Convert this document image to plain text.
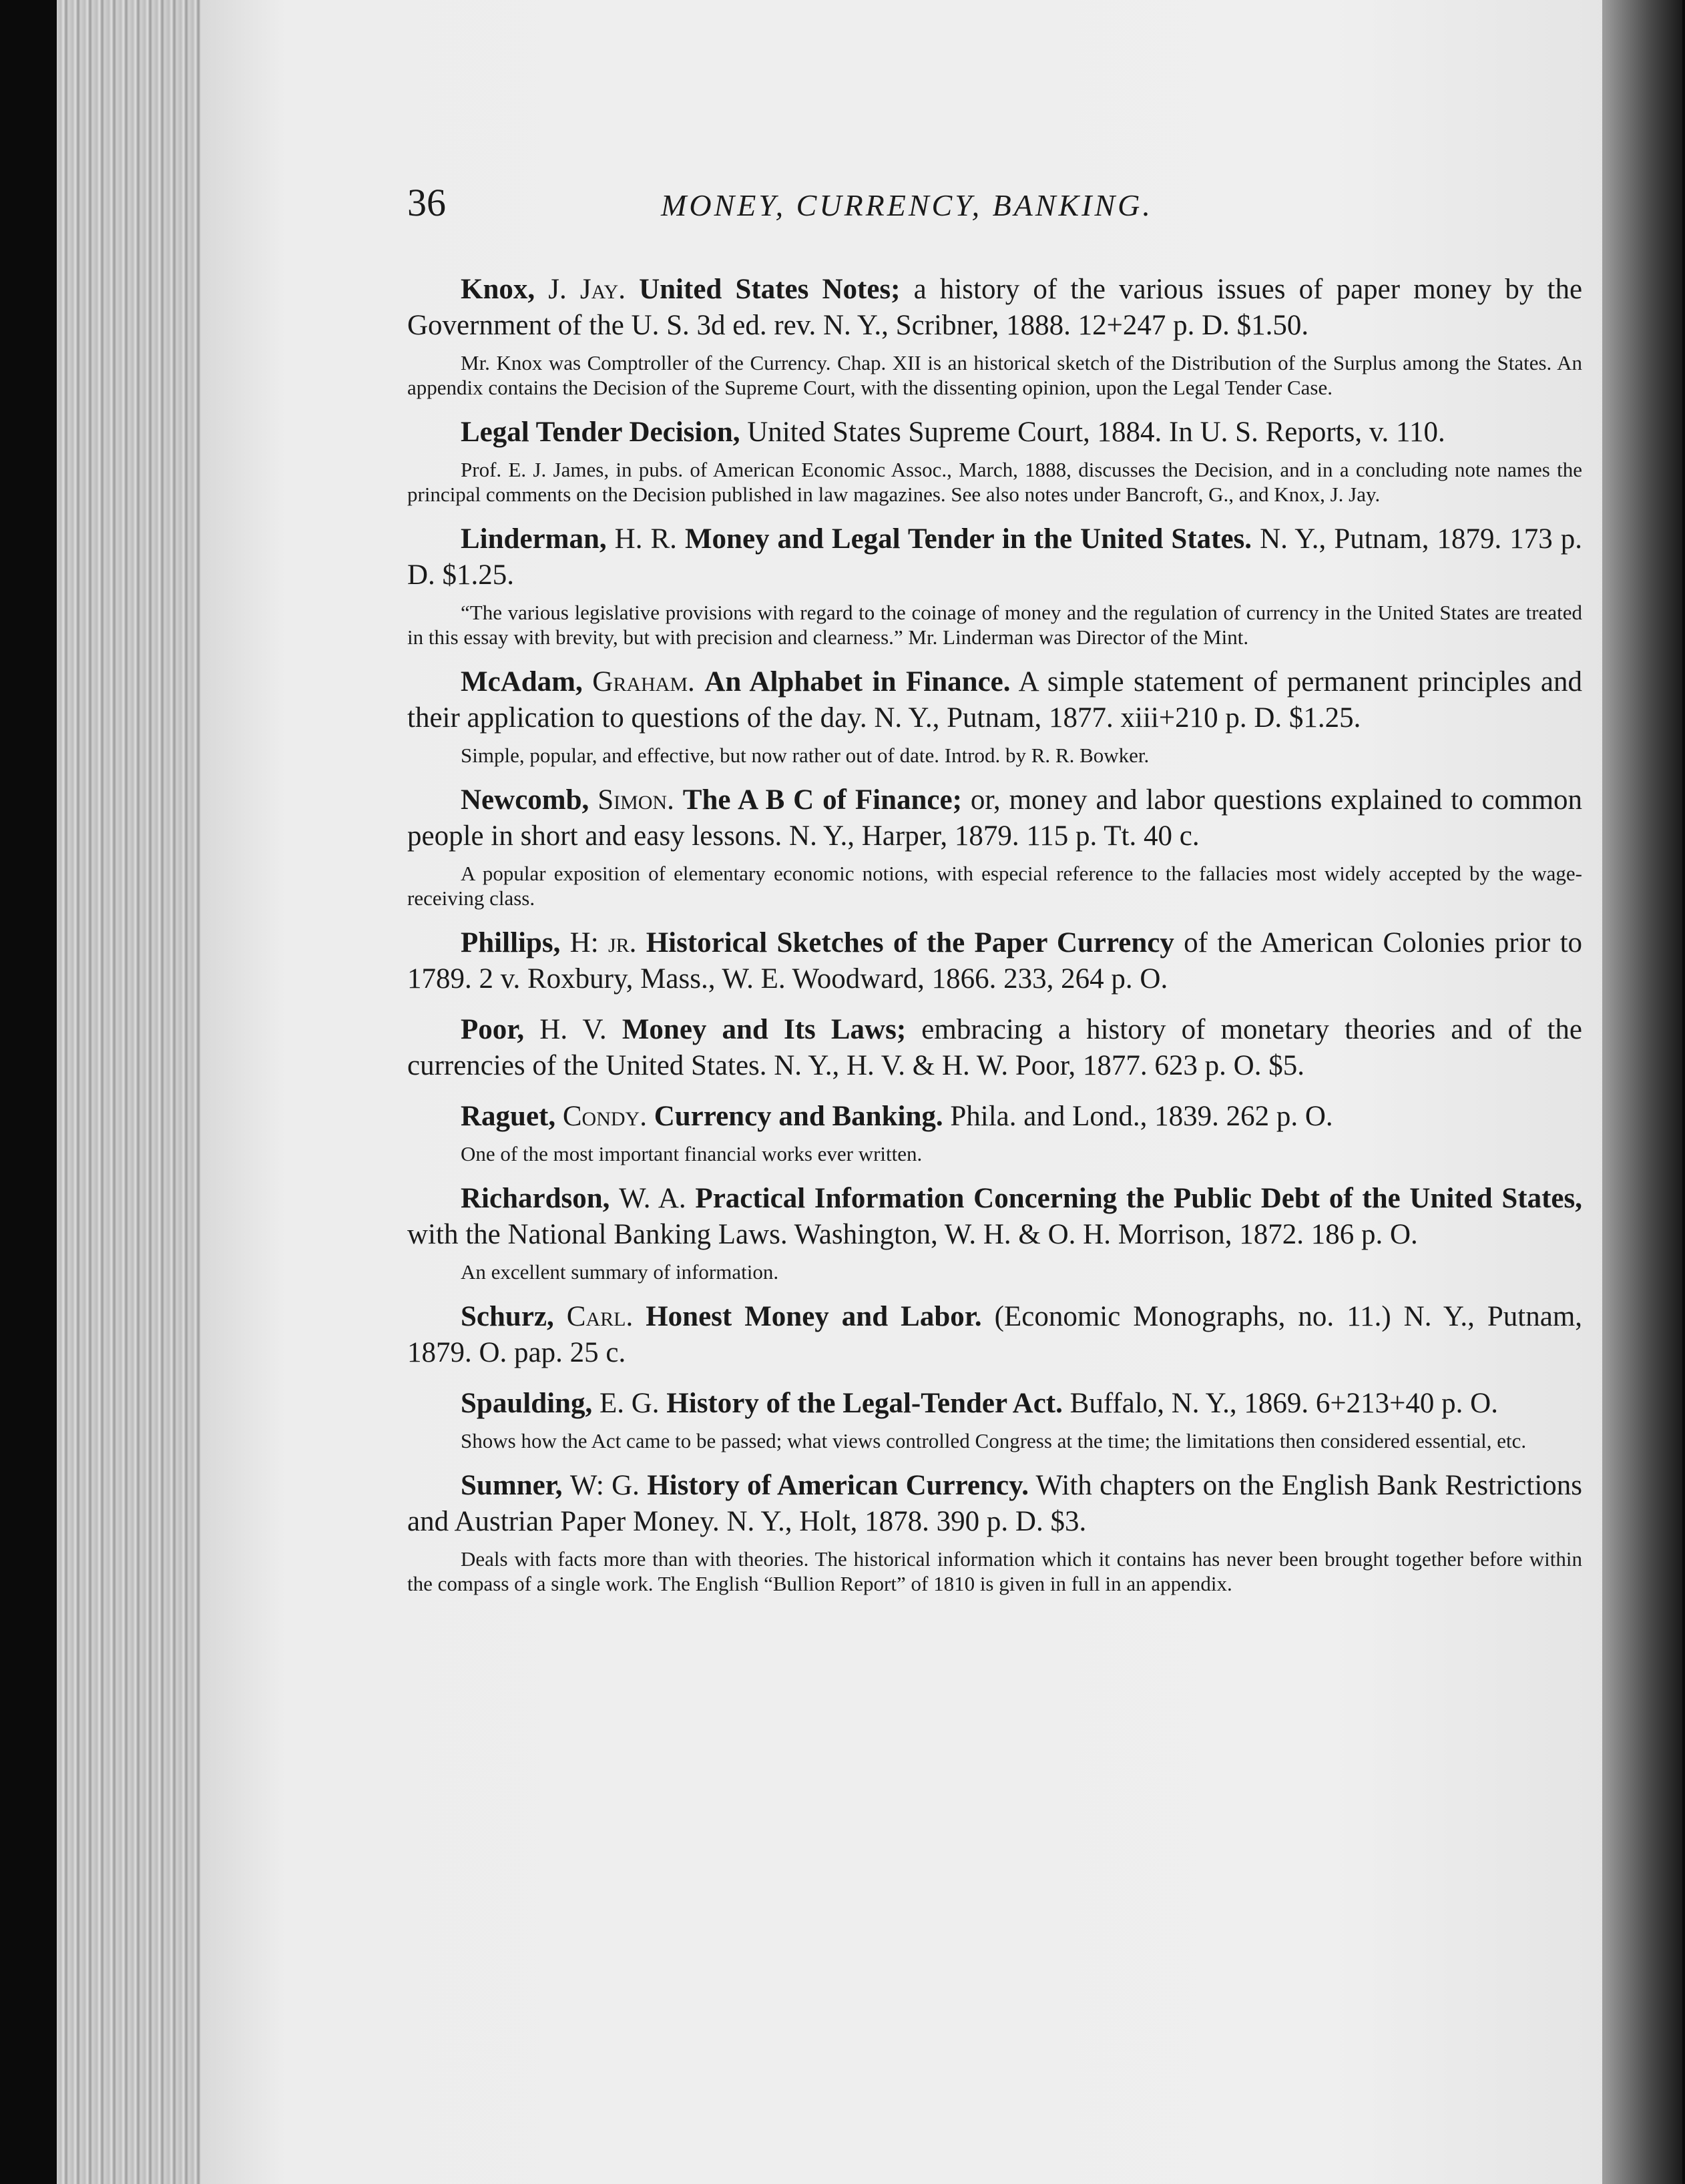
36	MONEY, CURRENCY, BANKING.
Knox, J. Jay. United States Notes; a history of the various issues of paper money by the Government of the U. S. 3d ed. rev. N. Y., Scribner, 1888. 12+247 p. D. $1.50.
Mr. Knox was Comptroller of the Currency. Chap. XII is an historical sketch of the Distribution of the Surplus among the States. An appendix contains the Decision of the Supreme Court, with the dissenting opinion, upon the Legal Tender Case.
Legal Tender Decision, United States Supreme Court, 1884. In U. S. Reports, v. 110.
Prof. E. J. James, in pubs. of American Economic Assoc., March, 1888, discusses the Decision, and in a concluding note names the principal comments on the Decision published in law magazines. See also notes under Bancroft, G., and Knox, J. Jay.
Linderman, H. R. Money and Legal Tender in the United States. N. Y., Putnam, 1879. 173 p. D. $1.25.
“The various legislative provisions with regard to the coinage of money and the regulation of currency in the United States are treated in this essay with brevity, but with precision and clearness.” Mr. Linderman was Director of the Mint.
McAdam, Graham. An Alphabet in Finance. A simple statement of permanent principles and their application to questions of the day. N. Y., Putnam, 1877. xiii+210 p. D. $1.25.
Simple, popular, and effective, but now rather out of date. Introd. by R. R. Bowker.
Newcomb, Simon. The A B C of Finance; or, money and labor questions explained to common people in short and easy lessons. N. Y., Harper, 1879. 115 p. Tt. 40 c.
A popular exposition of elementary economic notions, with especial reference to the fallacies most widely accepted by the wage-receiving class.
Phillips, H: jr. Historical Sketches of the Paper Currency of the American Colonies prior to 1789. 2 v. Roxbury, Mass., W. E. Woodward, 1866. 233, 264 p. O.
Poor, H. V. Money and Its Laws; embracing a history of monetary theories and of the currencies of the United States. N. Y., H. V. & H. W. Poor, 1877. 623 p. O. $5.
Raguet, Condy. Currency and Banking. Phila. and Lond., 1839. 262 p. O.
One of the most important financial works ever written.
Richardson, W. A. Practical Information Concerning the Public Debt of the United States, with the National Banking Laws. Washington, W. H. & O. H. Morrison, 1872. 186 p. O.
An excellent summary of information.
Schurz, Carl. Honest Money and Labor. (Economic Monographs, no. 11.) N. Y., Putnam, 1879. O. pap. 25 c.
Spaulding, E. G. History of the Legal-Tender Act. Buffalo, N. Y., 1869. 6+213+40 p. O.
Shows how the Act came to be passed; what views controlled Congress at the time; the limitations then considered essential, etc.
Sumner, W: G. History of American Currency. With chapters on the English Bank Restrictions and Austrian Paper Money. N. Y., Holt, 1878. 390 p. D. $3.
Deals with facts more than with theories. The historical information which it contains has never been brought together before within the compass of a single work. The English “Bullion Report” of 1810 is given in full in an appendix.
